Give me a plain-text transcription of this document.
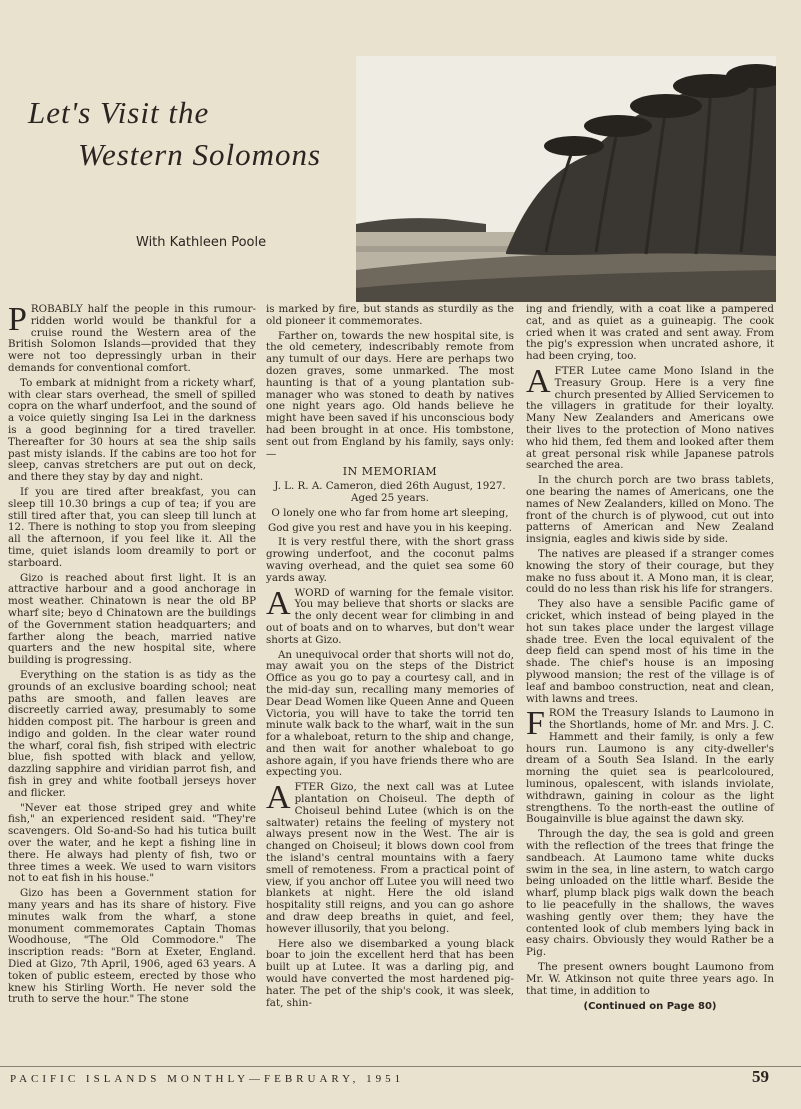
Let's Visit the
Western Solomons
With Kathleen Poole

PROBABLY half the people in this rumour-ridden world would be thankful for a cruise round the Western area of the British Solomon Islands—provided that they were not too depressingly urban in their demands for conventional comfort.

To embark at midnight from a rickety wharf, with clear stars overhead, the smell of spilled copra on the wharf underfoot, and the sound of a voice quietly singing Isa Lei in the darkness is a good beginning for a tired traveller. Thereafter for 30 hours at sea the ship sails past misty islands. If the cabins are too hot for sleep, canvas stretchers are put out on deck, and there they stay by day and night.

If you are tired after breakfast, you can sleep till 10.30 brings a cup of tea; if you are still tired after that, you can sleep till lunch at 12. There is nothing to stop you from sleeping all the afternoon, if you feel like it. All the time, quiet islands loom dreamily to port or starboard.

Gizo is reached about first light. It is an attractive harbour and a good anchorage in most weather. Chinatown is near the old BP wharf site; beyo d Chinatown are the buildings of the Government station headquarters; and farther along the beach, married native quarters and the new hospital site, where building is progressing.

Everything on the station is as tidy as the grounds of an exclusive boarding school; neat paths are smooth, and fallen leaves are discreetly carried away, presumably to some hidden compost pit. The harbour is green and indigo and golden. In the clear water round the wharf, coral fish, fish striped with electric blue, fish spotted with black and yellow, dazzling sapphire and viridian parrot fish, and fish in grey and white football jerseys hover and flicker.

"Never eat those striped grey and white fish," an experienced resident said. "They're scavengers. Old So-and-So had his tutica built over the water, and he kept a fishing line in there. He always had plenty of fish, two or three times a week. We used to warn visitors not to eat fish in his house."

Gizo has been a Government station for many years and has its share of history. Five minutes walk from the wharf, a stone monument commemorates Captain Thomas Woodhouse, "The Old Commodore." The inscription reads: "Born at Exeter, England. Died at Gizo, 7th April, 1906, aged 63 years. A token of public esteem, erected by those who knew his Stirling Worth. He never sold the truth to serve the hour." The stone

is marked by fire, but stands as sturdily as the old pioneer it commemorates.

Farther on, towards the new hospital site, is the old cemetery, indescribably remote from any tumult of our days. Here are perhaps two dozen graves, some unmarked. The most haunting is that of a young plantation sub-manager who was stoned to death by natives one night years ago. Old hands believe he might have been saved if his unconscious body had been brought in at once. His tombstone, sent out from England by his family, says only:—

IN MEMORIAM
J. L. R. A. Cameron, died 26th August, 1927. Aged 25 years.
O lonely one who far from home art sleeping,
God give you rest and have you in his keeping.

It is very restful there, with the short grass growing underfoot, and the coconut palms waving overhead, and the quiet sea some 60 yards away.

AWORD of warning for the female visitor. You may believe that shorts or slacks are the only decent wear for climbing in and out of boats and on to wharves, but don't wear shorts at Gizo.

An unequivocal order that shorts will not do, may await you on the steps of the District Office as you go to pay a courtesy call, and in the mid-day sun, recalling many memories of Dear Dead Women like Queen Anne and Queen Victoria, you will have to take the torrid ten minute walk back to the wharf, wait in the sun for a whaleboat, return to the ship and change, and then wait for another whaleboat to go ashore again, if you have friends there who are expecting you.

AFTER Gizo, the next call was at Lutee plantation on Choiseul. The depth of Choiseul behind Lutee (which is on the saltwater) retains the feeling of mystery not always present now in the West. The air is changed on Choiseul; it blows down cool from the island's central mountains with a faery smell of remoteness. From a practical point of view, if you anchor off Lutee you will need two blankets at night. Here the old island hospitality still reigns, and you can go ashore and draw deep breaths in quiet, and feel, however illusorily, that you belong.

Here also we disembarked a young black boar to join the excellent herd that has been built up at Lutee. It was a darling pig, and would have converted the most hardened pig-hater. The pet of the ship's cook, it was sleek, fat, shin-

ing and friendly, with a coat like a pampered cat, and as quiet as a guineapig. The cook cried when it was crated and sent away. From the pig's expression when uncrated ashore, it had been crying, too.

AFTER Lutee came Mono Island in the Treasury Group. Here is a very fine church presented by Allied Servicemen to the villagers in gratitude for their loyalty. Many New Zealanders and Americans owe their lives to the protection of Mono natives who hid them, fed them and looked after them at great personal risk while Japanese patrols searched the area.

In the church porch are two brass tablets, one bearing the names of Americans, one the names of New Zealanders, killed on Mono. The front of the church is of plywood, cut out into patterns of American and New Zealand insignia, eagles and kiwis side by side.

The natives are pleased if a stranger comes knowing the story of their courage, but they make no fuss about it. A Mono man, it is clear, could do no less than risk his life for strangers.

They also have a sensible Pacific game of cricket, which instead of being played in the hot sun takes place under the largest village shade tree. Even the local equivalent of the deep field can spend most of his time in the shade. The chief's house is an imposing plywood mansion; the rest of the village is of leaf and bamboo construction, neat and clean, with lawns and trees.

FROM the Treasury Islands to Laumono in the Shortlands, home of Mr. and Mrs. J. C. Hammett and their family, is only a few hours run. Laumono is any city-dweller's dream of a South Sea Island. In the early morning the quiet sea is pearlcoloured, luminous, opalescent, with islands inviolate, withdrawn, gaining in colour as the light strengthens. To the north-east the outline of Bougainville is blue against the dawn sky.

Through the day, the sea is gold and green with the reflection of the trees that fringe the sandbeach. At Laumono tame white ducks swim in the sea, in line astern, to watch cargo being unloaded on the little wharf. Beside the wharf, plump black pigs walk down the beach to lie peacefully in the shallows, the waves washing gently over them; they have the contented look of club members lying back in easy chairs. Obviously they would Rather be a Pig.

The present owners bought Laumono from Mr. W. Atkinson not quite three years ago. In that time, in addition to

(Continued on Page 80)
PACIFIC ISLANDS MONTHLY—FEBRUARY, 1951	59
